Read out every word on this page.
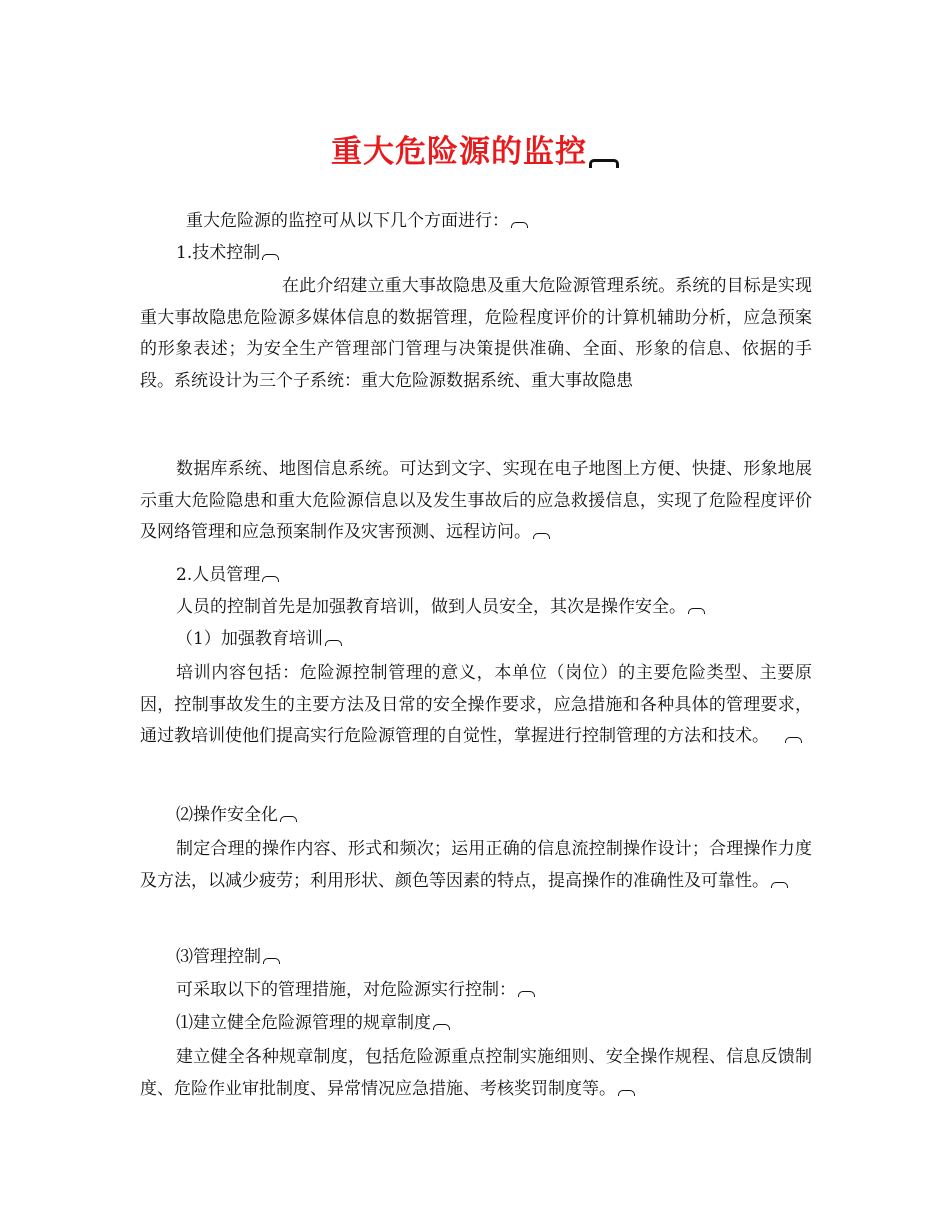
重大危险源的监控

重大危险源的监控可从以下几个方面进行：

1.技术控制

在此介绍建立重大事故隐患及重大危险源管理系统。系统的目标是实现重大事故隐患危险源多媒体信息的数据管理，危险程度评价的计算机辅助分析，应急预案的形象表述；为安全生产管理部门管理与决策提供准确、全面、形象的信息、依据的手段。系统设计为三个子系统：重大危险源数据系统、重大事故隐患

数据库系统、地图信息系统。可达到文字、实现在电子地图上方便、快捷、形象地展示重大危险隐患和重大危险源信息以及发生事故后的应急救援信息，实现了危险程度评价及网络管理和应急预案制作及灾害预测、远程访问。

2.人员管理

人员的控制首先是加强教育培训，做到人员安全，其次是操作安全。

（1）加强教育培训

培训内容包括：危险源控制管理的意义，本单位（岗位）的主要危险类型、主要原因，控制事故发生的主要方法及日常的安全操作要求，应急措施和各种具体的管理要求，通过教培训使他们提高实行危险源管理的自觉性，掌握进行控制管理的方法和技术。

⑵操作安全化

制定合理的操作内容、形式和频次；运用正确的信息流控制操作设计；合理操作力度及方法，以减少疲劳；利用形状、颜色等因素的特点，提高操作的准确性及可靠性。

⑶管理控制

可采取以下的管理措施，对危险源实行控制：

⑴建立健全危险源管理的规章制度

建立健全各种规章制度，包括危险源重点控制实施细则、安全操作规程、信息反馈制度、危险作业审批制度、异常情况应急措施、考核奖罚制度等。
